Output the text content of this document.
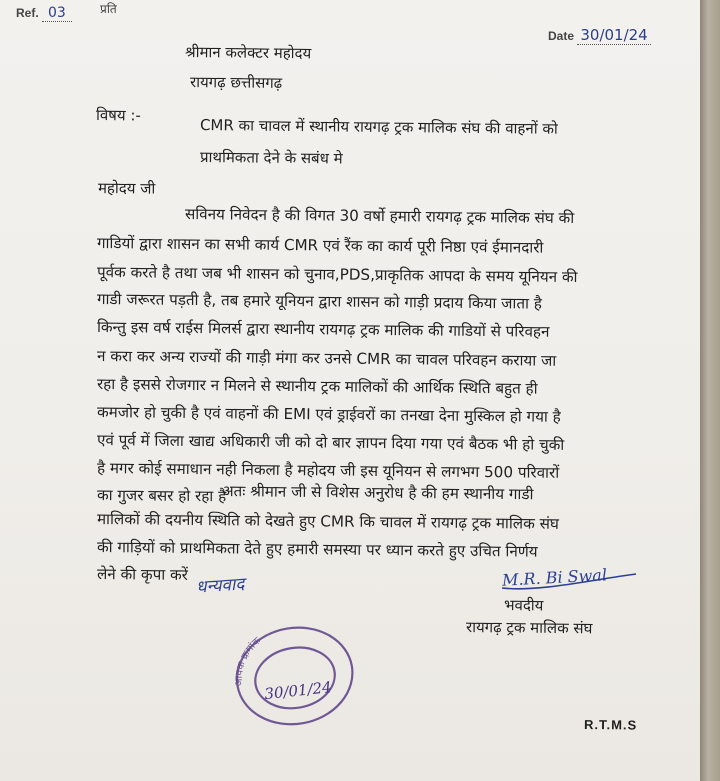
Ref. 03	प्रति
Date 30/01/24
श्रीमान कलेक्टर महोदय
रायगढ़ छत्तीसगढ़
विषय :-
CMR का चावल में स्थानीय रायगढ़ ट्रक मालिक संघ की वाहनों को
प्राथमिकता देने के सबंध मे
महोदय जी
सविनय निवेदन है की विगत 30 वर्षो हमारी रायगढ़ ट्रक मालिक संघ की
गाडियों द्वारा शासन का सभी कार्य CMR एवं रैंक का कार्य पूरी निष्ठा एवं ईमानदारी
पूर्वक करते है तथा जब भी शासन को चुनाव,PDS,प्राकृतिक आपदा के समय यूनियन की
गाडी जरूरत पड़ती है, तब हमारे यूनियन द्वारा शासन को गाड़ी प्रदाय किया जाता है
किन्तु इस वर्ष राईस मिलर्स द्वारा स्थानीय रायगढ़ ट्रक मालिक की गाडियों से परिवहन
न करा कर अन्य राज्यों की गाड़ी मंगा कर उनसे CMR का चावल परिवहन कराया जा
रहा है इससे रोजगार न मिलने से स्थानीय ट्रक मालिकों की आर्थिक स्थिति बहुत ही
कमजोर हो चुकी है एवं वाहनों की EMI एवं ड्राईवरों का तनखा देना मुस्किल हो गया है
एवं पूर्व में जिला खाद्य अधिकारी जी को दो बार ज्ञापन दिया गया एवं बैठक भी हो चुकी
है मगर कोई समाधान नही निकला है महोदय जी इस यूनियन से लगभग 500 परिवारों
का गुजर बसर हो रहा है
अतः श्रीमान जी से विशेस अनुरोध है की हम स्थानीय गाडी
मालिकों की दयनीय स्थिति को देखते हुए CMR कि चावल में रायगढ़ ट्रक मालिक संघ
की गाड़ियों को प्राथमिकता देते हुए हमारी समस्या पर ध्यान करते हुए उचित निर्णय
लेने की कृपा करें धन्यवाद	M.R. Bi Swal
भवदीय
रायगढ़ ट्रक मालिक संघ
आवक क्रमांक
30/01/24
R.T.M.S
